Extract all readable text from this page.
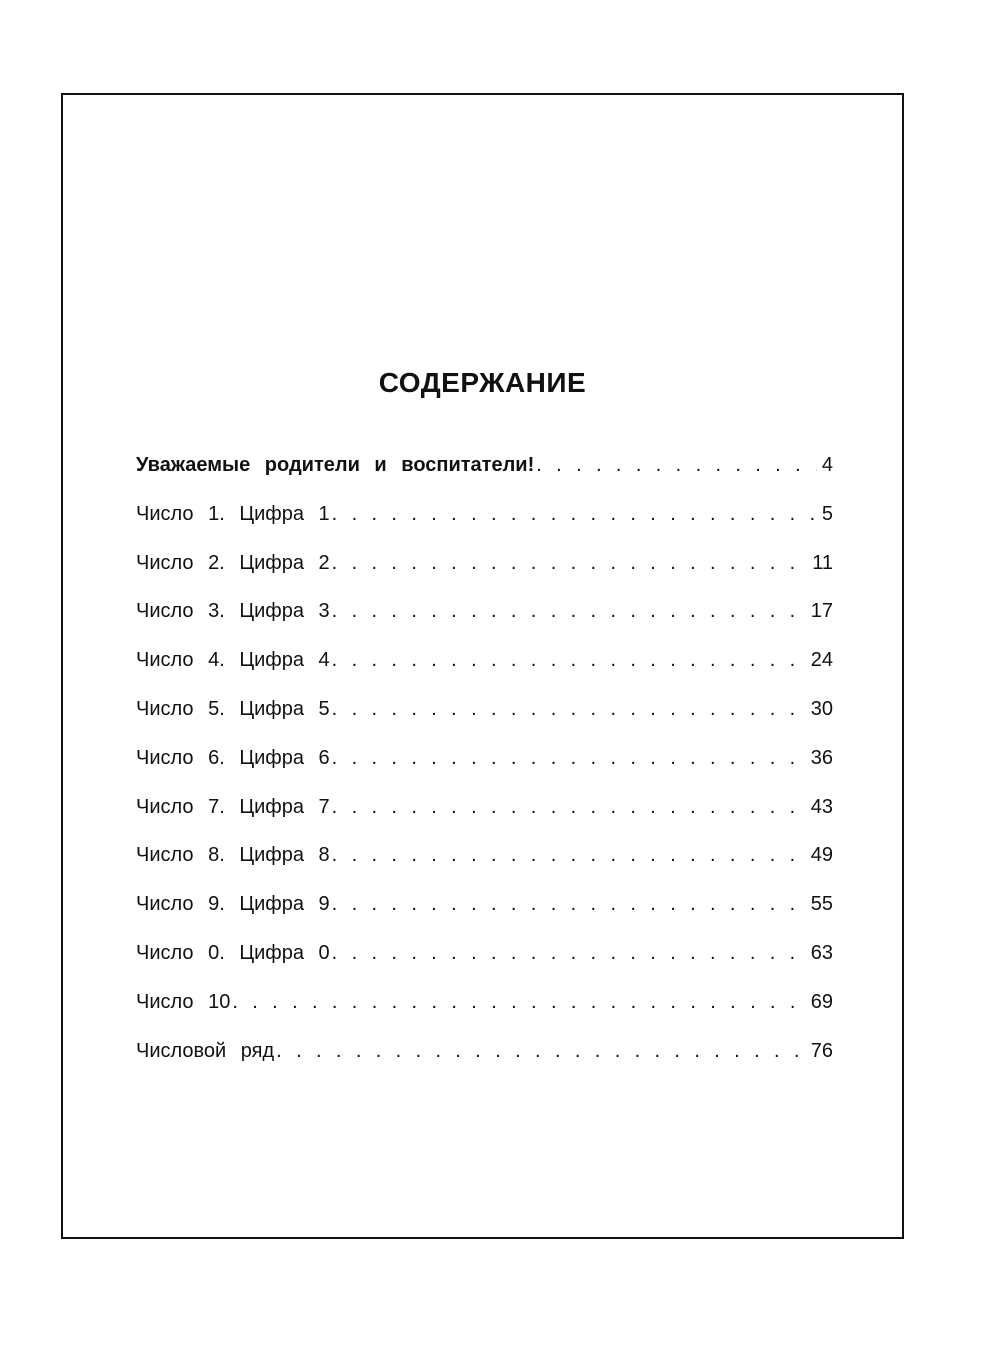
СОДЕРЖАНИЕ
Уважаемые родители и воспитатели! . . .	4
Число 1. Цифра 1 . . .	5
Число 2. Цифра 2 . . .	11
Число 3. Цифра 3 . . .	17
Число 4. Цифра 4 . . .	24
Число 5. Цифра 5 . . .	30
Число 6. Цифра 6 . . .	36
Число 7. Цифра 7 . . .	43
Число 8. Цифра 8 . . .	49
Число 9. Цифра 9 . . .	55
Число 0. Цифра 0 . . .	63
Число 10 . . .	69
Числовой ряд . . .	76
